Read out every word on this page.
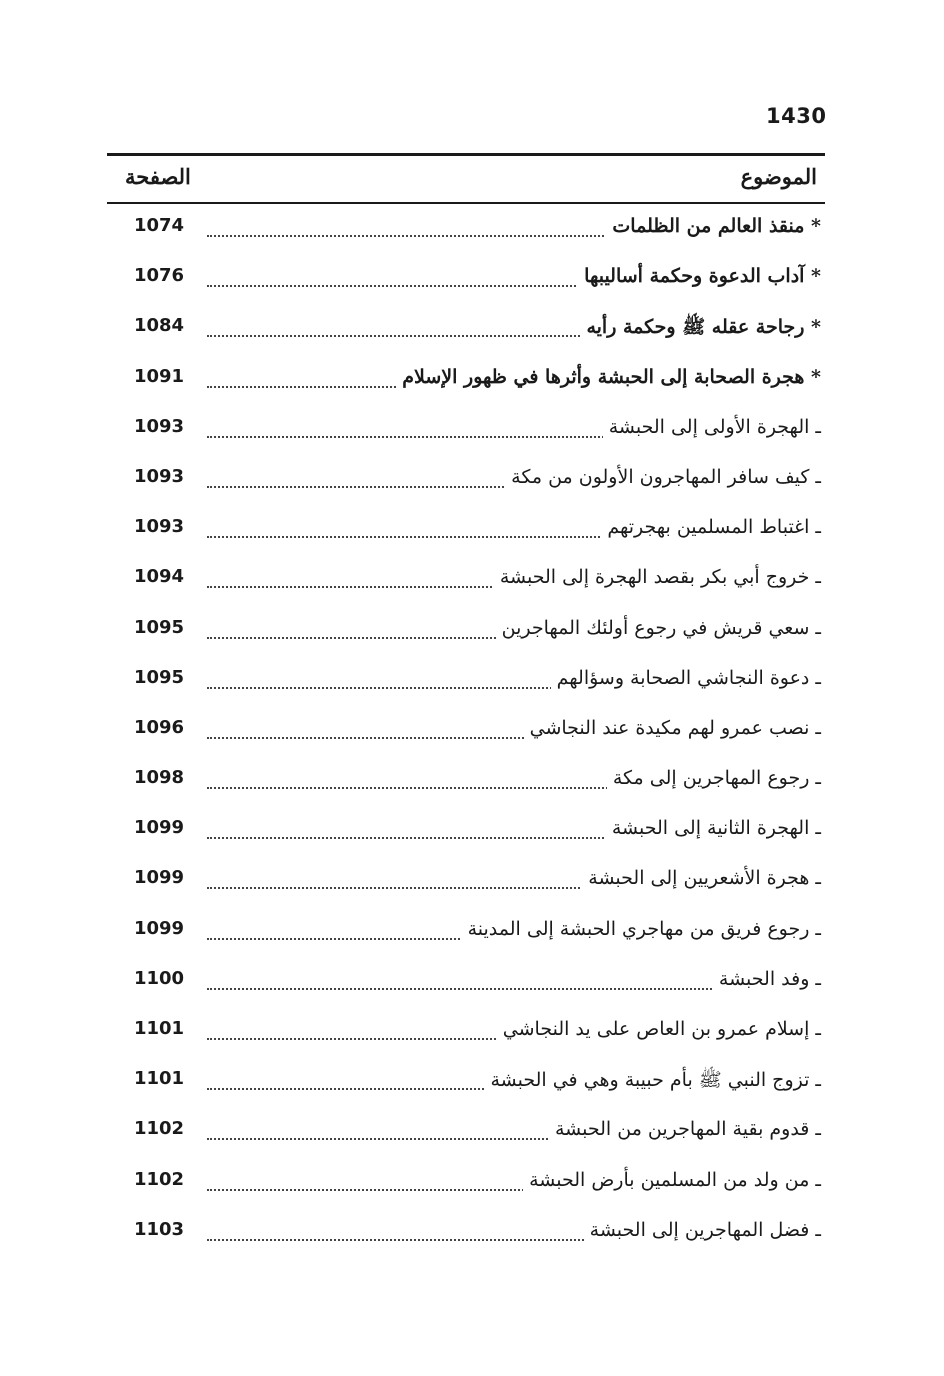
1430
الموضوع
الصفحة
* منقذ العالم من الظلمات
1074
* آداب الدعوة وحكمة أساليبها
1076
* رجاحة عقله ﷺ وحكمة رأيه
1084
* هجرة الصحابة إلى الحبشة وأثرها في ظهور الإسلام
1091
ـ الهجرة الأولى إلى الحبشة
1093
ـ كيف سافر المهاجرون الأولون من مكة
1093
ـ اغتباط المسلمين بهجرتهم
1093
ـ خروج أبي بكر بقصد الهجرة إلى الحبشة
1094
ـ سعي قريش في رجوع أولئك المهاجرين
1095
ـ دعوة النجاشي الصحابة وسؤالهم
1095
ـ نصب عمرو لهم مكيدة عند النجاشي
1096
ـ رجوع المهاجرين إلى مكة
1098
ـ الهجرة الثانية إلى الحبشة
1099
ـ هجرة الأشعريين إلى الحبشة
1099
ـ رجوع فريق من مهاجري الحبشة إلى المدينة
1099
ـ وفد الحبشة
1100
ـ إسلام عمرو بن العاص على يد النجاشي
1101
ـ تزوج النبي ﷺ بأم حبيبة وهي في الحبشة
1101
ـ قدوم بقية المهاجرين من الحبشة
1102
ـ من ولد من المسلمين بأرض الحبشة
1102
ـ فضل المهاجرين إلى الحبشة
1103
